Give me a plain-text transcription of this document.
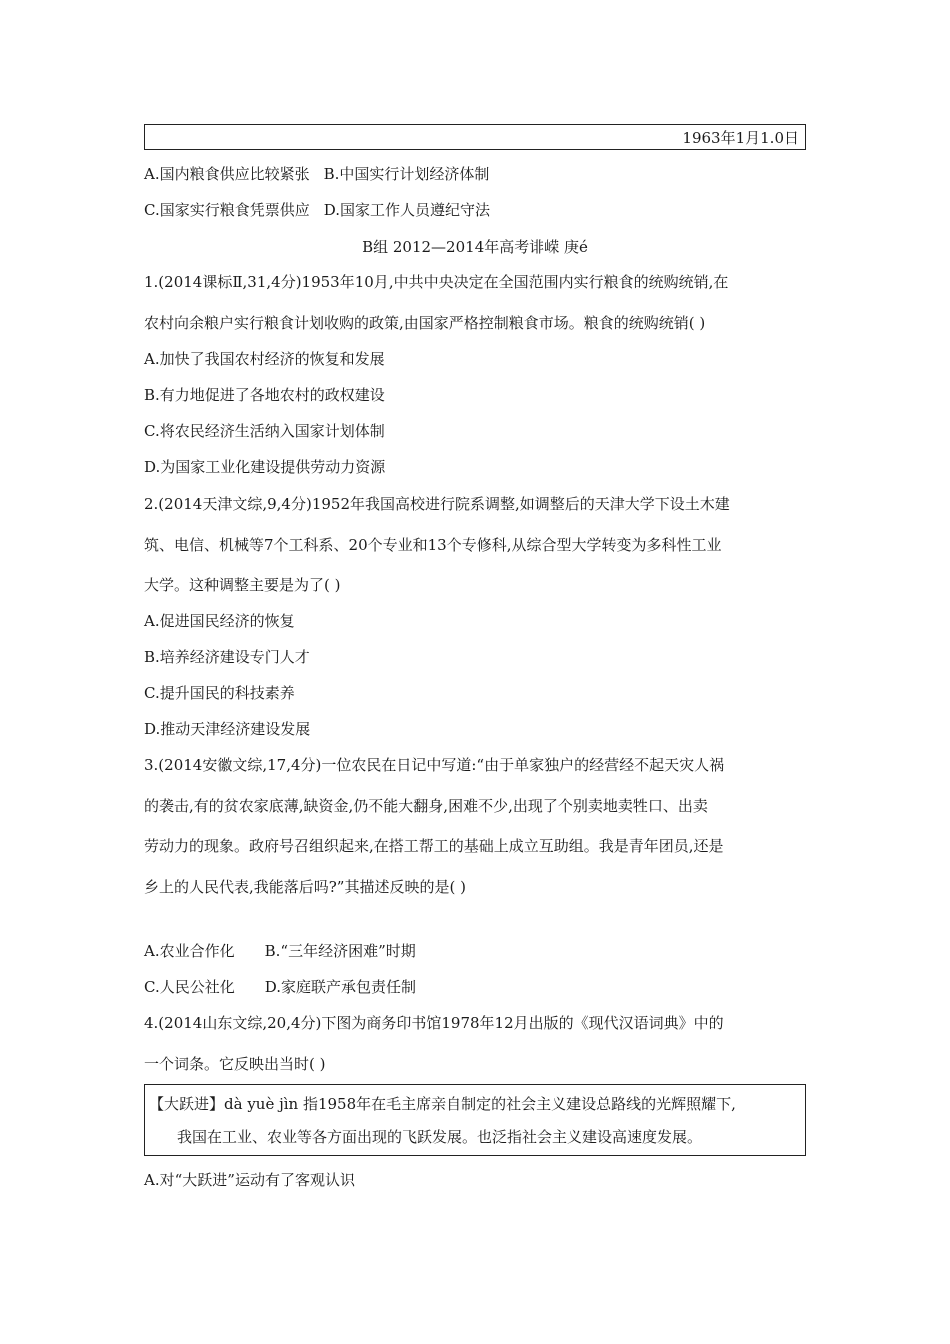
1963年1月1.0日
A.国内粮食供应比较紧张 B.中国实行计划经济体制
C.国家实行粮食凭票供应 D.国家工作人员遵纪守法
B组 2012—2014年高考诽嵘 庚é
1.(2014课标Ⅱ,31,4分)1953年10月,中共中央决定在全国范围内实行粮食的统购统销,在
农村向余粮户实行粮食计划收购的政策,由国家严格控制粮食市场。粮食的统购统销( )
A.加快了我国农村经济的恢复和发展
B.有力地促进了各地农村的政权建设
C.将农民经济生活纳入国家计划体制
D.为国家工业化建设提供劳动力资源
2.(2014天津文综,9,4分)1952年我国高校进行院系调整,如调整后的天津大学下设土木建
筑、电信、机械等7个工科系、20个专业和13个专修科,从综合型大学转变为多科性工业
大学。这种调整主要是为了( )
A.促进国民经济的恢复
B.培养经济建设专门人才
C.提升国民的科技素养
D.推动天津经济建设发展
3.(2014安徽文综,17,4分)一位农民在日记中写道:“由于单家独户的经营经不起天灾人祸
的袭击,有的贫农家底薄,缺资金,仍不能大翻身,困难不少,出现了个别卖地卖牲口、出卖
劳动力的现象。政府号召组织起来,在搭工帮工的基础上成立互助组。我是青年团员,还是
乡上的人民代表,我能落后吗?”其描述反映的是( )
A.农业合作化 B.“三年经济困难”时期
C.人民公社化 D.家庭联产承包责任制
4.(2014山东文综,20,4分)下图为商务印书馆1978年12月出版的《现代汉语词典》中的
一个词条。它反映出当时( )
【大跃进】dà yuè jìn 指1958年在毛主席亲自制定的社会主义建设总路线的光辉照耀下,
我国在工业、农业等各方面出现的飞跃发展。也泛指社会主义建设高速度发展。
A.对“大跃进”运动有了客观认识
